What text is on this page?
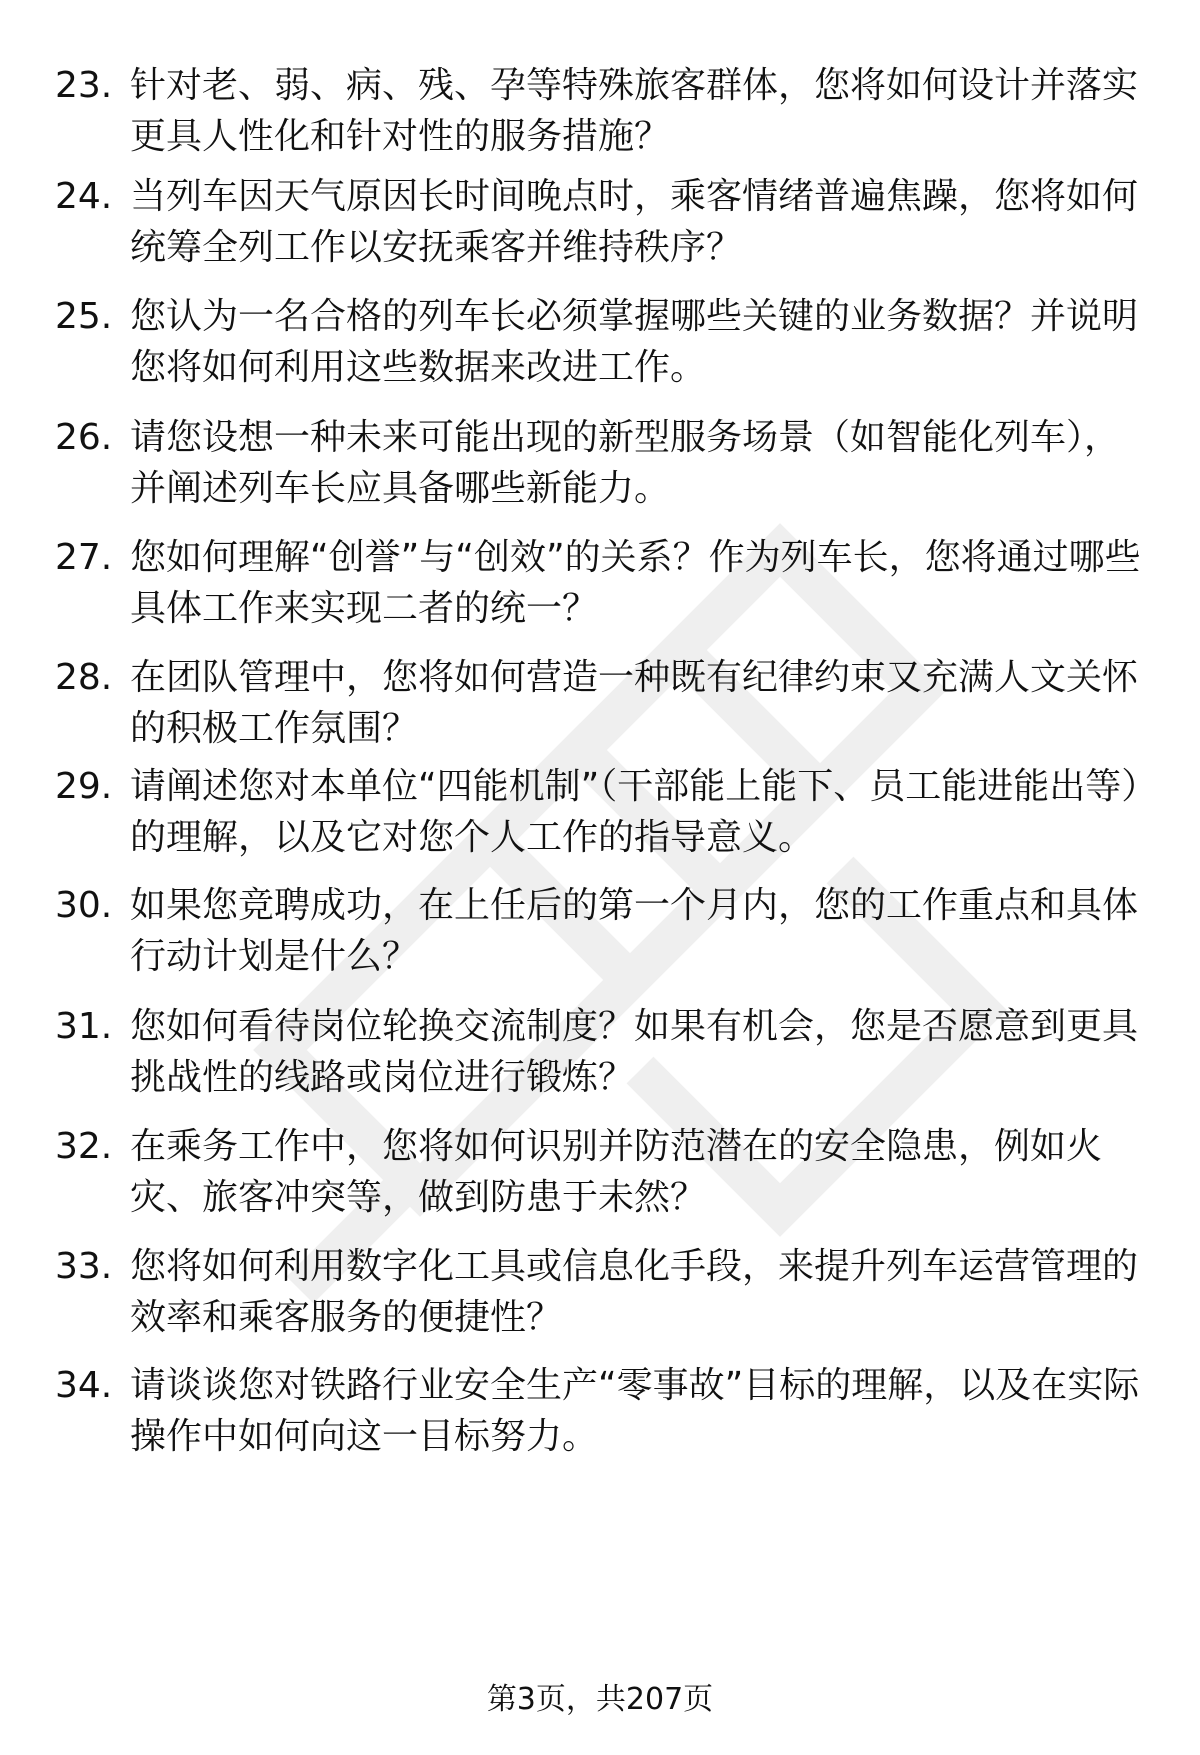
23. 针对老、弱、病、残、孕等特殊旅客群体，您将如何设计并落实更具人性化和针对性的服务措施？
24. 当列车因天气原因长时间晚点时，乘客情绪普遍焦躁，您将如何统筹全列工作以安抚乘客并维持秩序？
25. 您认为一名合格的列车长必须掌握哪些关键的业务数据？并说明您将如何利用这些数据来改进工作。
26. 请您设想一种未来可能出现的新型服务场景（如智能化列车），并阐述列车长应具备哪些新能力。
27. 您如何理解“创誉”与“创效”的关系？作为列车长，您将通过哪些具体工作来实现二者的统一？
28. 在团队管理中，您将如何营造一种既有纪律约束又充满人文关怀的积极工作氛围？
29. 请阐述您对本单位“四能机制”（干部能上能下、员工能进能出等）的理解，以及它对您个人工作的指导意义。
30. 如果您竞聘成功，在上任后的第一个月内，您的工作重点和具体行动计划是什么？
31. 您如何看待岗位轮换交流制度？如果有机会，您是否愿意到更具挑战性的线路或岗位进行锻炼？
32. 在乘务工作中，您将如何识别并防范潜在的安全隐患，例如火灾、旅客冲突等，做到防患于未然？
33. 您将如何利用数字化工具或信息化手段，来提升列车运营管理的效率和乘客服务的便捷性？
34. 请谈谈您对铁路行业安全生产“零事故”目标的理解，以及在实际操作中如何向这一目标努力。
第3页，共207页
